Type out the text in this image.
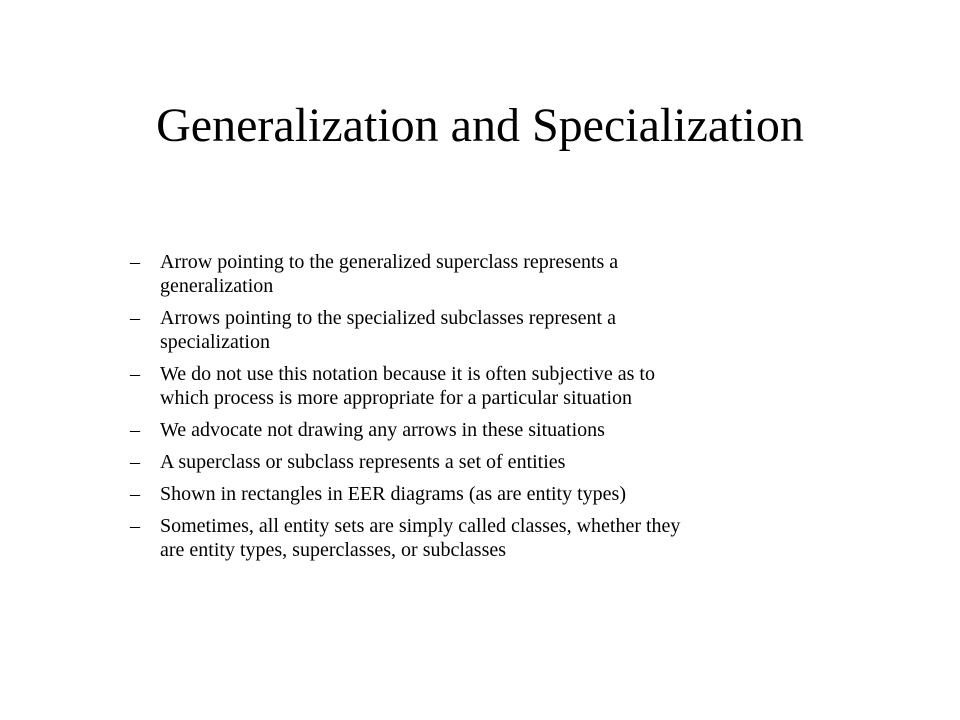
Generalization and Specialization
–	Arrow pointing to the generalized superclass represents a
generalization
–	Arrows pointing to the specialized subclasses represent a
specialization
–	We do not use this notation because it is often subjective as to
which process is more appropriate for a particular situation
–	We advocate not drawing any arrows in these situations
–	A superclass or subclass represents a set of entities
–	Shown in rectangles in EER diagrams (as are entity types)
–	Sometimes, all entity sets are simply called classes, whether they
are entity types, superclasses, or subclasses
